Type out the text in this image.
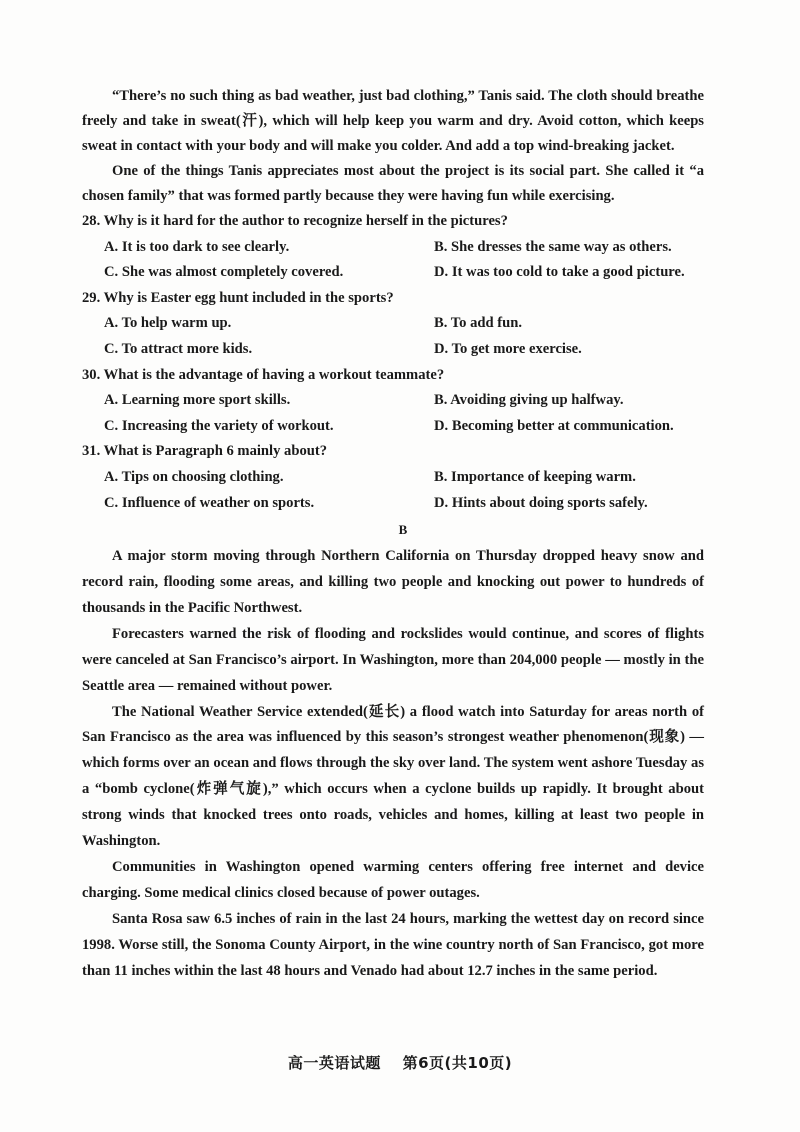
“There’s no such thing as bad weather, just bad clothing,” Tanis said. The cloth should breathe freely and take in sweat(汗), which will help keep you warm and dry. Avoid cotton, which keeps sweat in contact with your body and will make you colder. And add a top wind-breaking jacket.

One of the things Tanis appreciates most about the project is its social part. She called it “a chosen family” that was formed partly because they were having fun while exercising.

28. Why is it hard for the author to recognize herself in the pictures?
A. It is too dark to see clearly.	B. She dresses the same way as others.
C. She was almost completely covered.	D. It was too cold to take a good picture.
29. Why is Easter egg hunt included in the sports?
A. To help warm up.	B. To add fun.
C. To attract more kids.	D. To get more exercise.
30. What is the advantage of having a workout teammate?
A. Learning more sport skills.	B. Avoiding giving up halfway.
C. Increasing the variety of workout.	D. Becoming better at communication.
31. What is Paragraph 6 mainly about?
A. Tips on choosing clothing.	B. Importance of keeping warm.
C. Influence of weather on sports.	D. Hints about doing sports safely.
B

A major storm moving through Northern California on Thursday dropped heavy snow and record rain, flooding some areas, and killing two people and knocking out power to hundreds of thousands in the Pacific Northwest.

Forecasters warned the risk of flooding and rockslides would continue, and scores of flights were canceled at San Francisco’s airport. In Washington, more than 204,000 people — mostly in the Seattle area — remained without power.

The National Weather Service extended(延长) a flood watch into Saturday for areas north of San Francisco as the area was influenced by this season’s strongest weather phenomenon(现象) — which forms over an ocean and flows through the sky over land. The system went ashore Tuesday as a “bomb cyclone(炸弹气旋),” which occurs when a cyclone builds up rapidly. It brought about strong winds that knocked trees onto roads, vehicles and homes, killing at least two people in Washington.

Communities in Washington opened warming centers offering free internet and device charging. Some medical clinics closed because of power outages.

Santa Rosa saw 6.5 inches of rain in the last 24 hours, marking the wettest day on record since 1998. Worse still, the Sonoma County Airport, in the wine country north of San Francisco, got more than 11 inches within the last 48 hours and Venado had about 12.7 inches in the same period.

高一英语试题 第6页(共10页)
